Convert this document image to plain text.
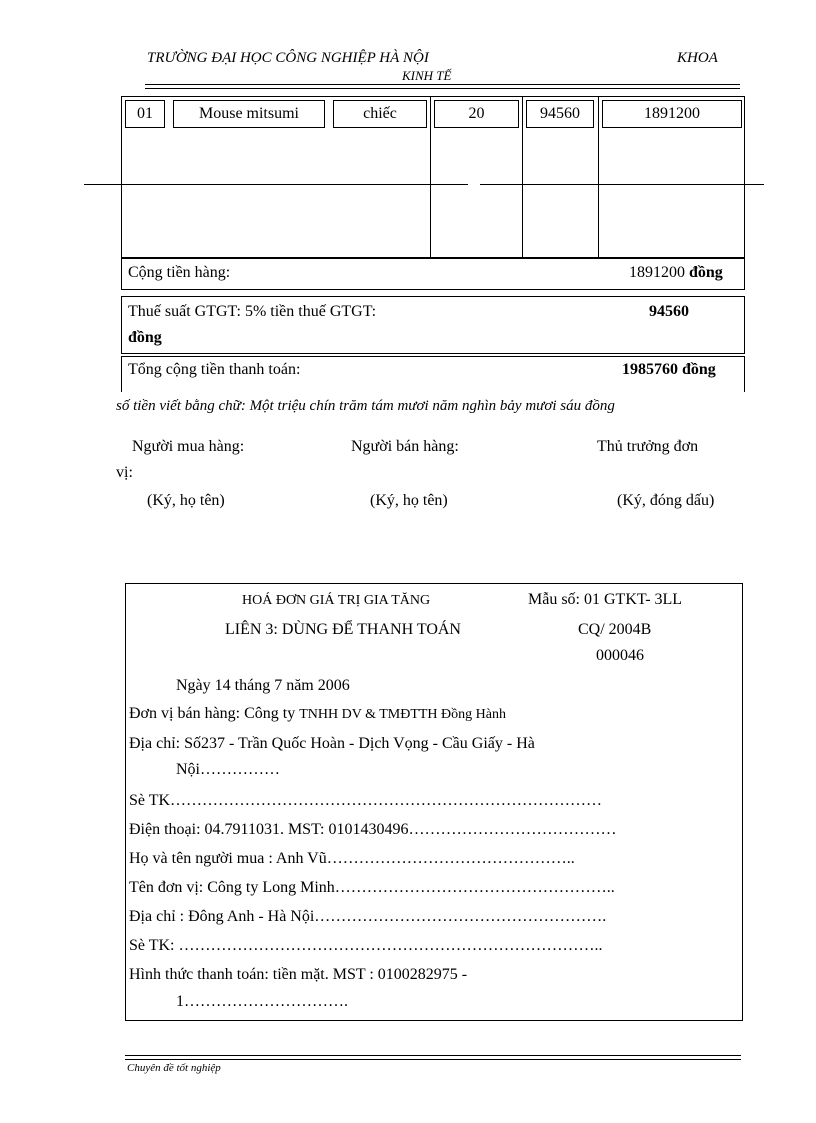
TRƯỜNG ĐẠI HỌC CÔNG NGHIỆP HÀ NỘI	KHOA
KINH TẾ
01	Mouse mitsumi	chiếc	20	94560	1891200
Cộng tiền hàng:	1891200 đồng
Thuế suất GTGT: 5% tiền thuế GTGT:	94560
đồng
Tổng cộng tiền thanh toán:	1985760 đồng
số tiền viết bằng chữ: Một triệu chín trăm tám mươi năm nghìn bảy mươi sáu đồng
Người mua hàng:	Người bán hàng:	Thủ trưởng đơn
vị:
(Ký, họ tên)	(Ký, họ tên)	(Ký, đóng dấu)
HOÁ ĐƠN GIÁ TRỊ GIA TĂNG	Mẫu số: 01 GTKT- 3LL
LIÊN 3: DÙNG ĐỂ THANH TOÁN	CQ/ 2004B
000046
Ngày 14 tháng 7 năm 2006
Đơn vị bán hàng: Công ty TNHH DV & TMĐTTH Đồng Hành
Địa chỉ: Số237 - Trần Quốc Hoàn - Dịch Vọng - Cầu Giấy - Hà
Nội……………
Sè TK………………………………………………………………………
Điện thoại: 04.7911031. MST: 0101430496…………………………………
Họ và tên người mua : Anh Vũ………………………………………..
Tên đơn vị: Công ty Long Minh……………………………………………..
Địa chỉ : Đông Anh - Hà Nội……………………………………………….
Sè TK: ……………………………………………………………………..
Hình thức thanh toán: tiền mặt. MST : 0100282975 -
1………………………….
Chuyên đề tốt nghiệp
